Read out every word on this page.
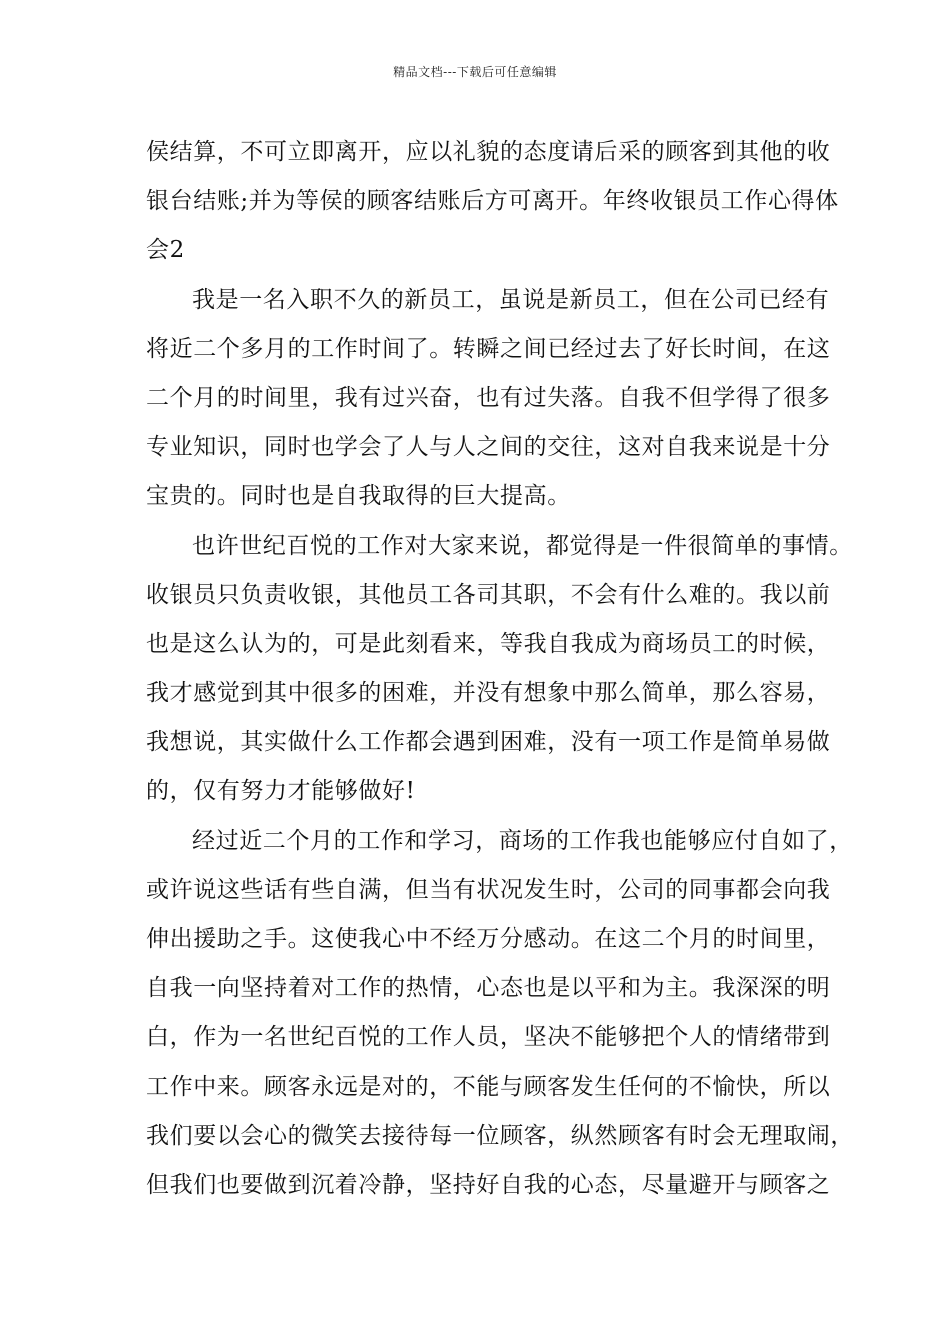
精品文档---下载后可任意编辑
侯结算，不可立即离开，应以礼貌的态度请后采的顾客到其他的收
银台结账;并为等侯的顾客结账后方可离开。年终收银员工作心得体
会2
我是一名入职不久的新员工，虽说是新员工，但在公司已经有
将近二个多月的工作时间了。转瞬之间已经过去了好长时间，在这
二个月的时间里，我有过兴奋，也有过失落。自我不但学得了很多
专业知识，同时也学会了人与人之间的交往，这对自我来说是十分
宝贵的。同时也是自我取得的巨大提高。
也许世纪百悦的工作对大家来说，都觉得是一件很简单的事情。
收银员只负责收银，其他员工各司其职，不会有什么难的。我以前
也是这么认为的，可是此刻看来，等我自我成为商场员工的时候，
我才感觉到其中很多的困难，并没有想象中那么简单，那么容易，
我想说，其实做什么工作都会遇到困难，没有一项工作是简单易做
的，仅有努力才能够做好!
经过近二个月的工作和学习，商场的工作我也能够应付自如了，
或许说这些话有些自满，但当有状况发生时，公司的同事都会向我
伸出援助之手。这使我心中不经万分感动。在这二个月的时间里，
自我一向坚持着对工作的热情，心态也是以平和为主。我深深的明
白，作为一名世纪百悦的工作人员，坚决不能够把个人的情绪带到
工作中来。顾客永远是对的，不能与顾客发生任何的不愉快，所以
我们要以会心的微笑去接待每一位顾客，纵然顾客有时会无理取闹，
但我们也要做到沉着冷静，坚持好自我的心态，尽量避开与顾客之
